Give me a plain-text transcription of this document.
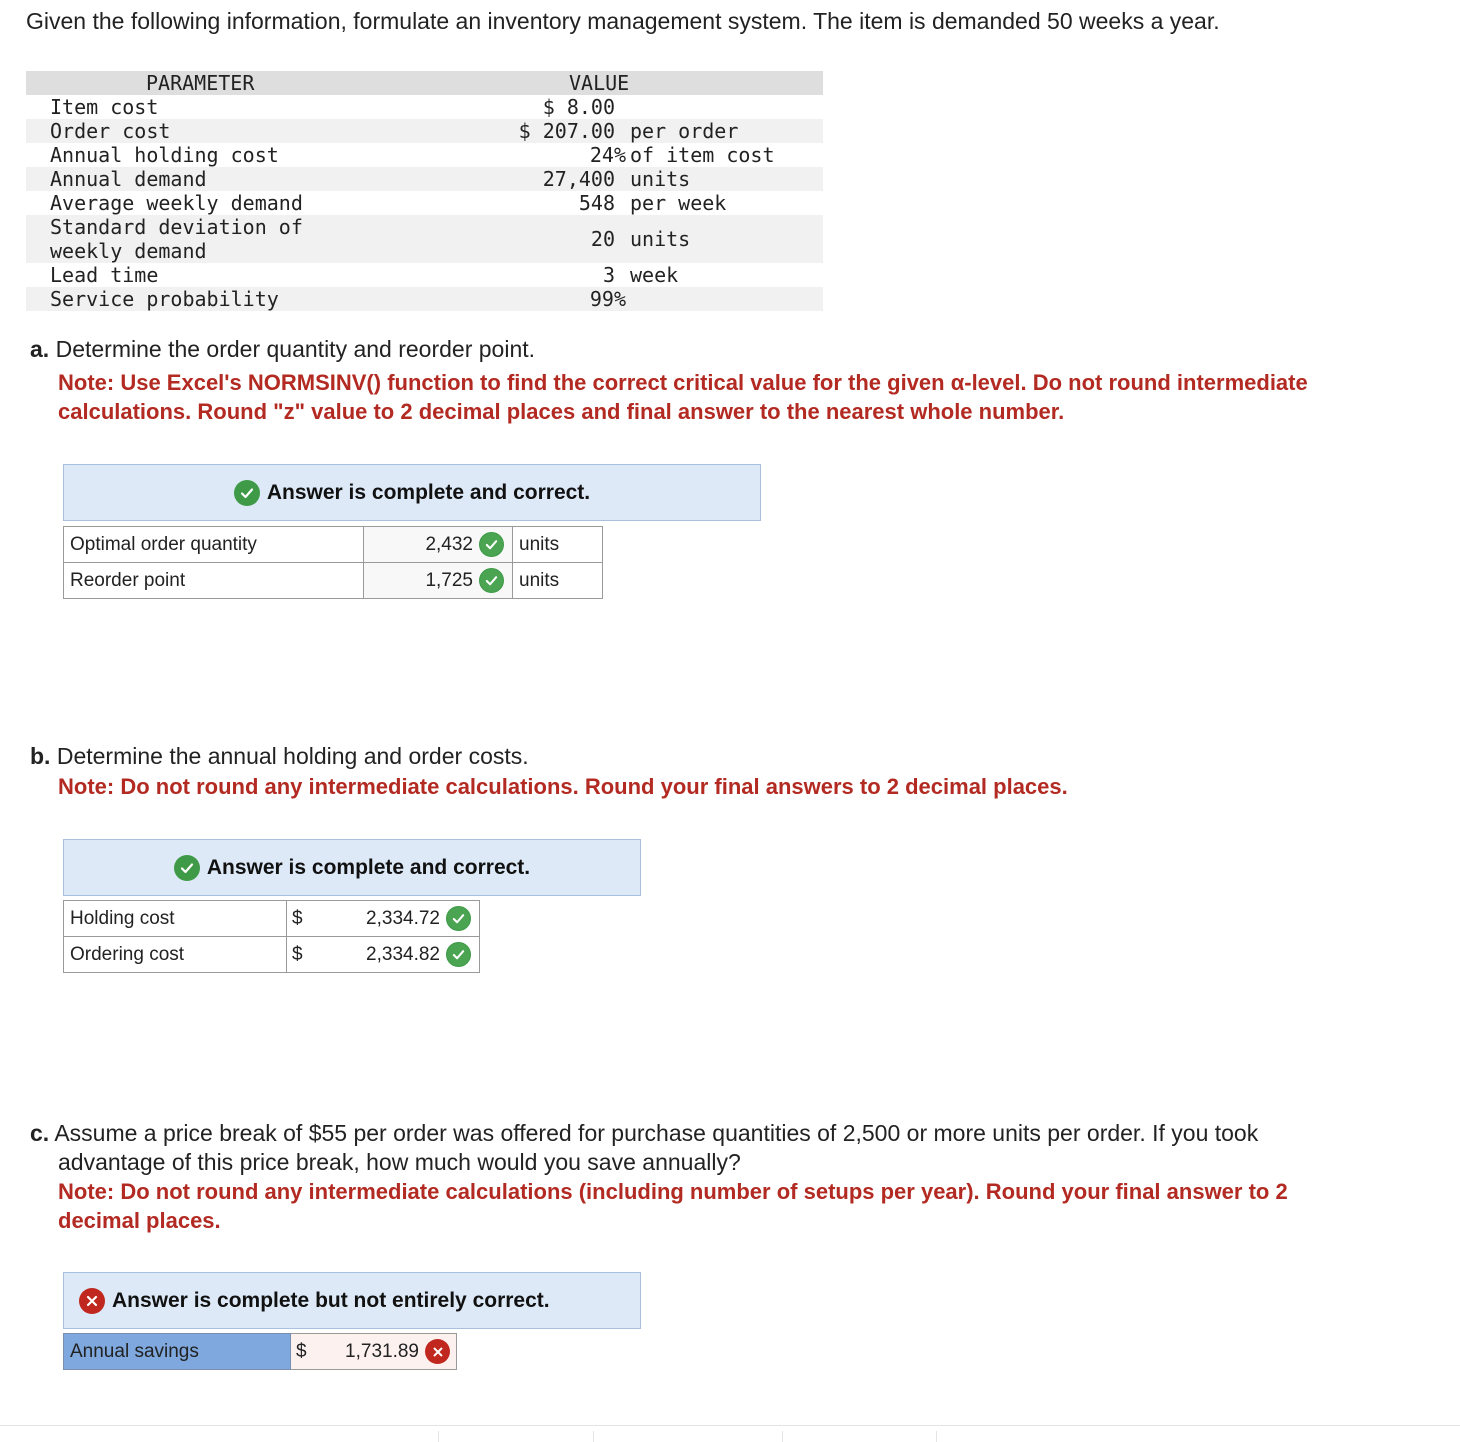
Given the following information, formulate an inventory management system. The item is demanded 50 weeks a year.
PARAMETER	VALUE
Item cost	$ 8.00
Order cost	$ 207.00 per order
Annual holding cost	24% of item cost
Annual demand	27,400 units
Average weekly demand	548 per week
Standard deviation of weekly demand	20 units
Lead time	3 week
Service probability	99%
a. Determine the order quantity and reorder point.
Note: Use Excel's NORMSINV() function to find the correct critical value for the given α-level. Do not round intermediate
calculations. Round "z" value to 2 decimal places and final answer to the nearest whole number.
Answer is complete and correct.
Optimal order quantity	2,432	units
Reorder point	1,725	units
b. Determine the annual holding and order costs.
Note: Do not round any intermediate calculations. Round your final answers to 2 decimal places.
Answer is complete and correct.
Holding cost	$ 2,334.72

Ordering cost	$ 2,334.82
c. Assume a price break of $55 per order was offered for purchase quantities of 2,500 or more units per order. If you took
advantage of this price break, how much would you save annually?
Note: Do not round any intermediate calculations (including number of setups per year). Round your final answer to 2
decimal places.
Answer is complete but not entirely correct.
Annual savings	$ 1,731.89
